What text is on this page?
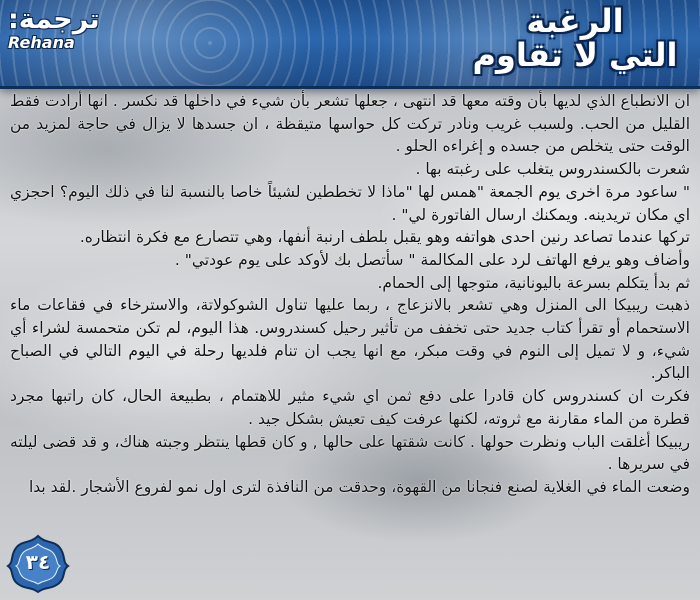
ترجمة:
Rehana
الرغبة
التي لا تقاوم

ان الانطباع الذي لديها بأن وقته معها قد انتهى ، جعلها تشعر بأن شيء في داخلها قد نكسر . انها أرادت فقط القليل من الحب. ولسبب غريب ونادر تركت كل حواسها متيقظة ، ان جسدها لا يزال في حاجة لمزيد من الوقت حتى يتخلص من جسده و إغراءه الحلو .

شعرت بالكسندروس يتغلب على رغبته بها .

" ساعود مرة اخرى يوم الجمعة "همس لها "ماذا لا تخططين لشيئاً خاصا بالنسبة لنا في ذلك اليوم؟ احجزي اي مكان تريدينه. ويمكنك ارسال الفاتورة لي" .

تركها عندما تصاعد رنين احدى هواتفه وهو يقبل بلطف ارنبة أنفها، وهي تتصارع مع فكرة انتظاره.

وأضاف وهو يرفع الهاتف لرد على المكالمة " سأتصل بك لأوكد على يوم عودتي" .

ثم بدأ يتكلم بسرعة باليونانية، متوجها إلى الحمام.

ذهبت ريبيكا الى المنزل وهي تشعر بالانزعاج ، ربما عليها تناول الشوكولاتة، والاسترخاء في فقاعات ماء الاستحمام أو تقرأ كتاب جديد حتى تخفف من تأثير رحيل كسندروس. هذا اليوم، لم تكن متحمسة لشراء أي شيء، و لا تميل إلى النوم في وقت مبكر، مع انها يجب ان تنام فلديها رحلة في اليوم التالي في الصباح الباكر.

فكرت ان كسندروس كان قادرا على دفع ثمن اي شيء مثير للاهتمام ، بطبيعة الحال، كان راتبها مجرد قطرة من الماء مقارنة مع ثروته، لكنها عرفت كيف تعيش بشكل جيد .

ريبيكا أغلقت الباب ونظرت حولها . كانت شقتها على حالها , و كان قطها ينتظر وجبته هناك، و قد قضى ليلته في سريرها .

وضعت الماء في الغلاية لصنع فنجانا من القهوة، وحدقت من النافذة لترى اول نمو لفروع الأشجار .لقد بدا

٣٤
